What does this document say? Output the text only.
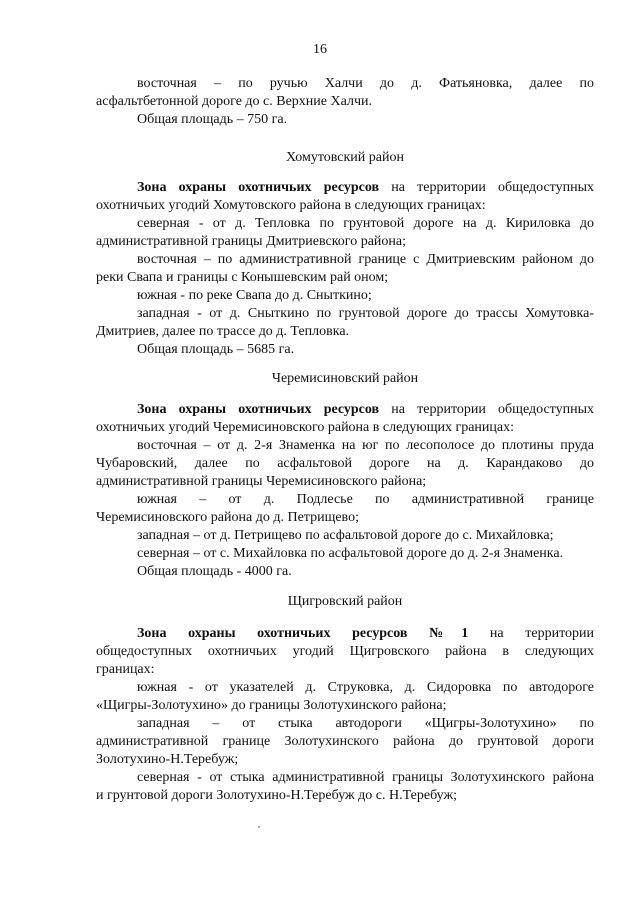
16
восточная – по ручью Халчи до д. Фатьяновка, далее по
асфальтбетонной дороге до с. Верхние Халчи.
Общая площадь – 750 га.
Хомутовский район
Зона охраны охотничьих ресурсов на территории общедоступных
охотничьих угодий Хомутовского района в следующих границах:
северная - от д. Тепловка по грунтовой дороге на д. Кириловка до
административной границы Дмитриевского района;
восточная – по административной границе с Дмитриевским районом до
реки Свапа и границы с Конышевским рай оном;
южная - по реке Свапа до д. Сныткино;
западная - от д. Сныткино по грунтовой дороге до трассы Хомутовка-
Дмитриев, далее по трассе до д. Тепловка.
Общая площадь – 5685 га.
Черемисиновский район
Зона охраны охотничьих ресурсов на территории общедоступных
охотничьих угодий Черемисиновского района в следующих границах:
восточная – от д. 2-я Знаменка на юг по лесополосе до плотины пруда
Чубаровский, далее по асфальтовой дороге на д. Карандаково до
административной границы Черемисиновского района;
южная – от д. Подлесье по административной границе
Черемисиновского района до д. Петрищево;
западная – от д. Петрищево по асфальтовой дороге до с. Михайловка;
северная – от с. Михайловка по асфальтовой дороге до д. 2-я Знаменка.
Общая площадь - 4000 га.
Щигровский район
Зона охраны охотничьих ресурсов №1 на территории
общедоступных охотничьих угодий Щигровского района в следующих
границах:
южная - от указателей д. Струковка, д. Сидоровка по автодороге
«Щигры-Золотухино» до границы Золотухинского района;
западная – от стыка автодороги «Щигры-Золотухино» по
административной границе Золотухинского района до грунтовой дороги
Золотухино-Н.Теребуж;
северная - от стыка административной границы Золотухинского района
и грунтовой дороги Золотухино-Н.Теребуж до с. Н.Теребуж;
